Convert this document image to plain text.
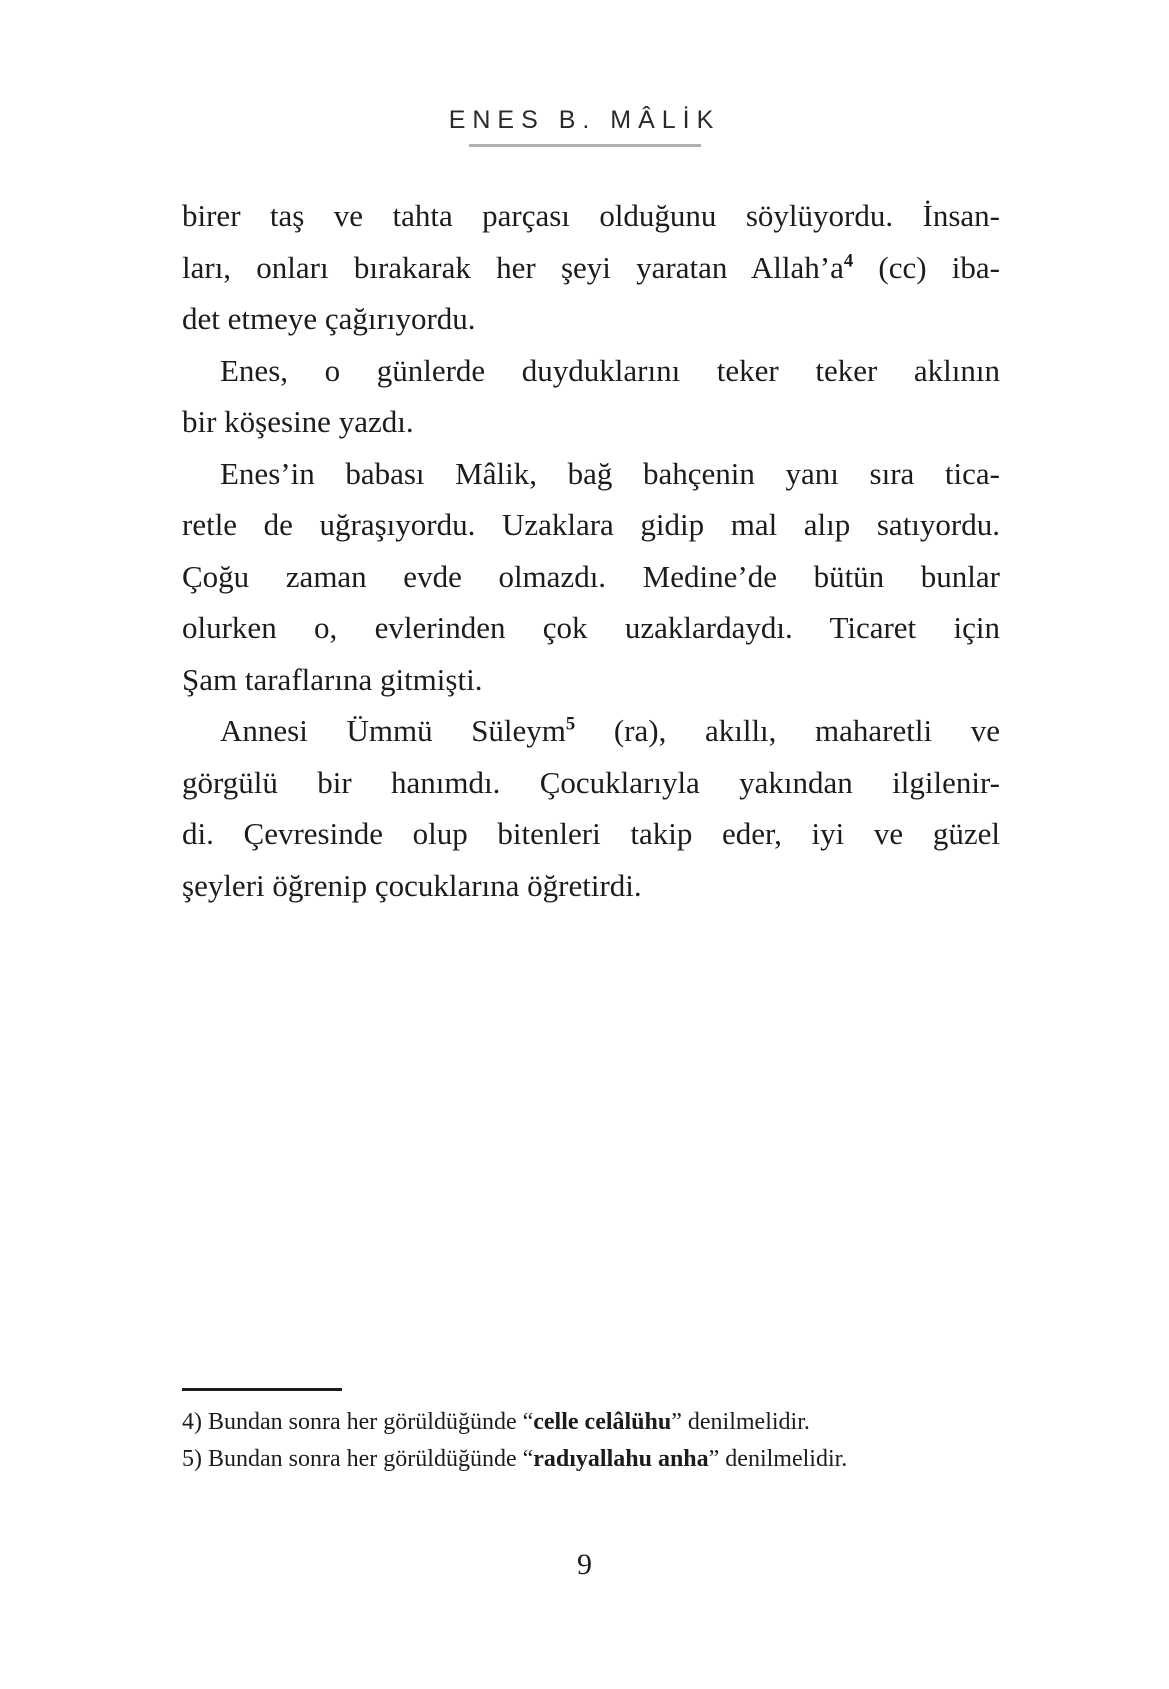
ENES B. MÂLİK
birer taş ve tahta parçası olduğunu söylüyordu. İnsan-
ları, onları bırakarak her şeyi yaratan Allah’a$^4$ (cc) iba-
det etmeye çağırıyordu.
Enes, o günlerde duyduklarını teker teker aklının
bir köşesine yazdı.
Enes’in babası Mâlik, bağ bahçenin yanı sıra tica-
retle de uğraşıyordu. Uzaklara gidip mal alıp satıyordu.
Çoğu zaman evde olmazdı. Medine’de bütün bunlar
olurken o, evlerinden çok uzaklardaydı. Ticaret için
Şam taraflarına gitmişti.
Annesi Ümmü Süleym$^5$ (ra), akıllı, maharetli ve
görgülü bir hanımdı. Çocuklarıyla yakından ilgilenir-
di. Çevresinde olup bitenleri takip eder, iyi ve güzel
şeyleri öğrenip çocuklarına öğretirdi.
4) Bundan sonra her görüldüğünde “celle celâlühu” denilmelidir.
5) Bundan sonra her görüldüğünde “radıyallahu anha” denilmelidir.
9
